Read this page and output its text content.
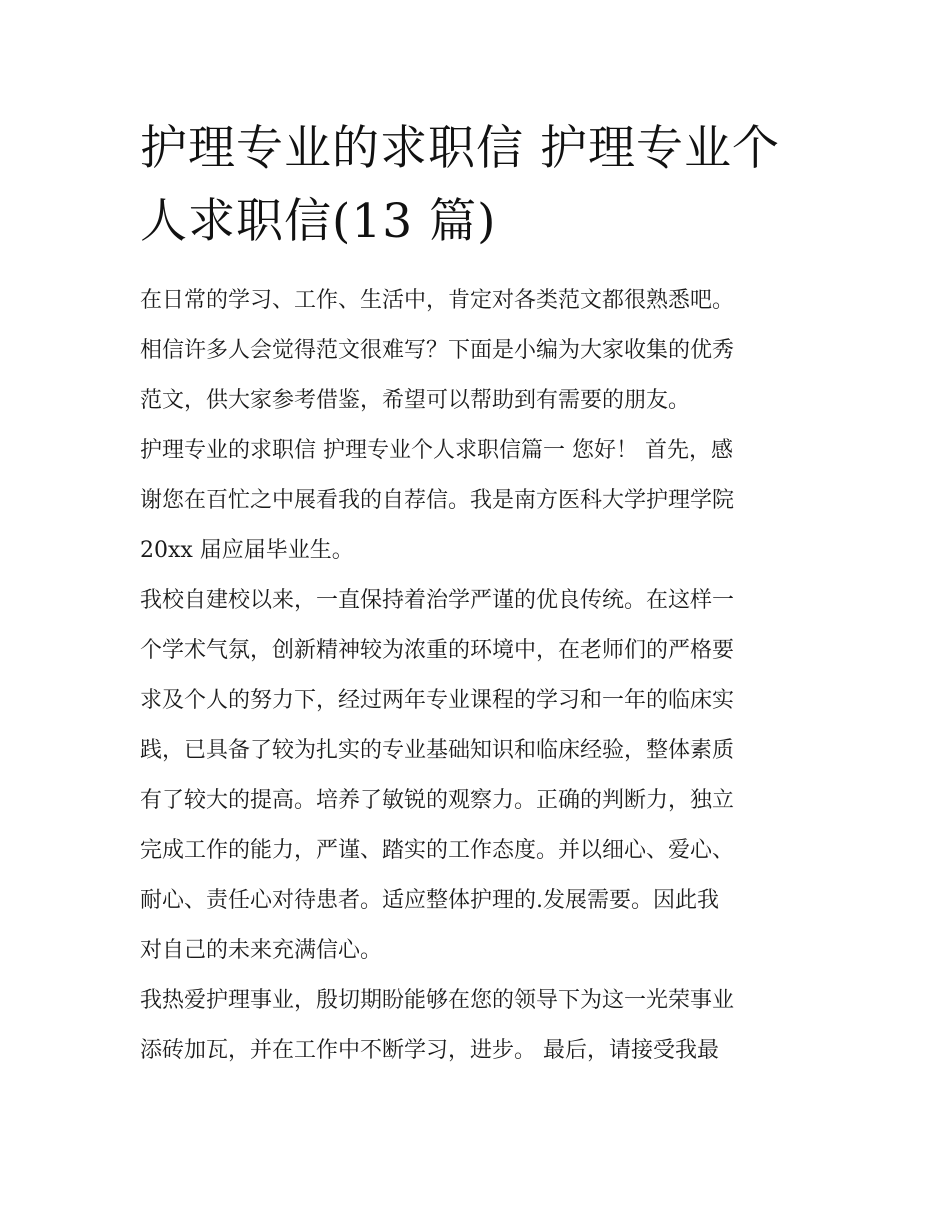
护理专业的求职信 护理专业个
人求职信(13 篇)

在日常的学习、工作、生活中，肯定对各类范文都很熟悉吧。
相信许多人会觉得范文很难写？下面是小编为大家收集的优秀
范文，供大家参考借鉴，希望可以帮助到有需要的朋友。

护理专业的求职信 护理专业个人求职信篇一 您好！ 首先，感
谢您在百忙之中展看我的自荐信。我是南方医科大学护理学院
20xx 届应届毕业生。

我校自建校以来，一直保持着治学严谨的优良传统。在这样一
个学术气氛，创新精神较为浓重的环境中，在老师们的严格要
求及个人的努力下，经过两年专业课程的学习和一年的临床实
践，已具备了较为扎实的专业基础知识和临床经验，整体素质
有了较大的提高。培养了敏锐的观察力。正确的判断力，独立
完成工作的能力，严谨、踏实的工作态度。并以细心、爱心、
耐心、责任心对待患者。适应整体护理的.发展需要。因此我
对自己的未来充满信心。

我热爱护理事业，殷切期盼能够在您的领导下为这一光荣事业
添砖加瓦，并在工作中不断学习，进步。 最后，请接受我最
